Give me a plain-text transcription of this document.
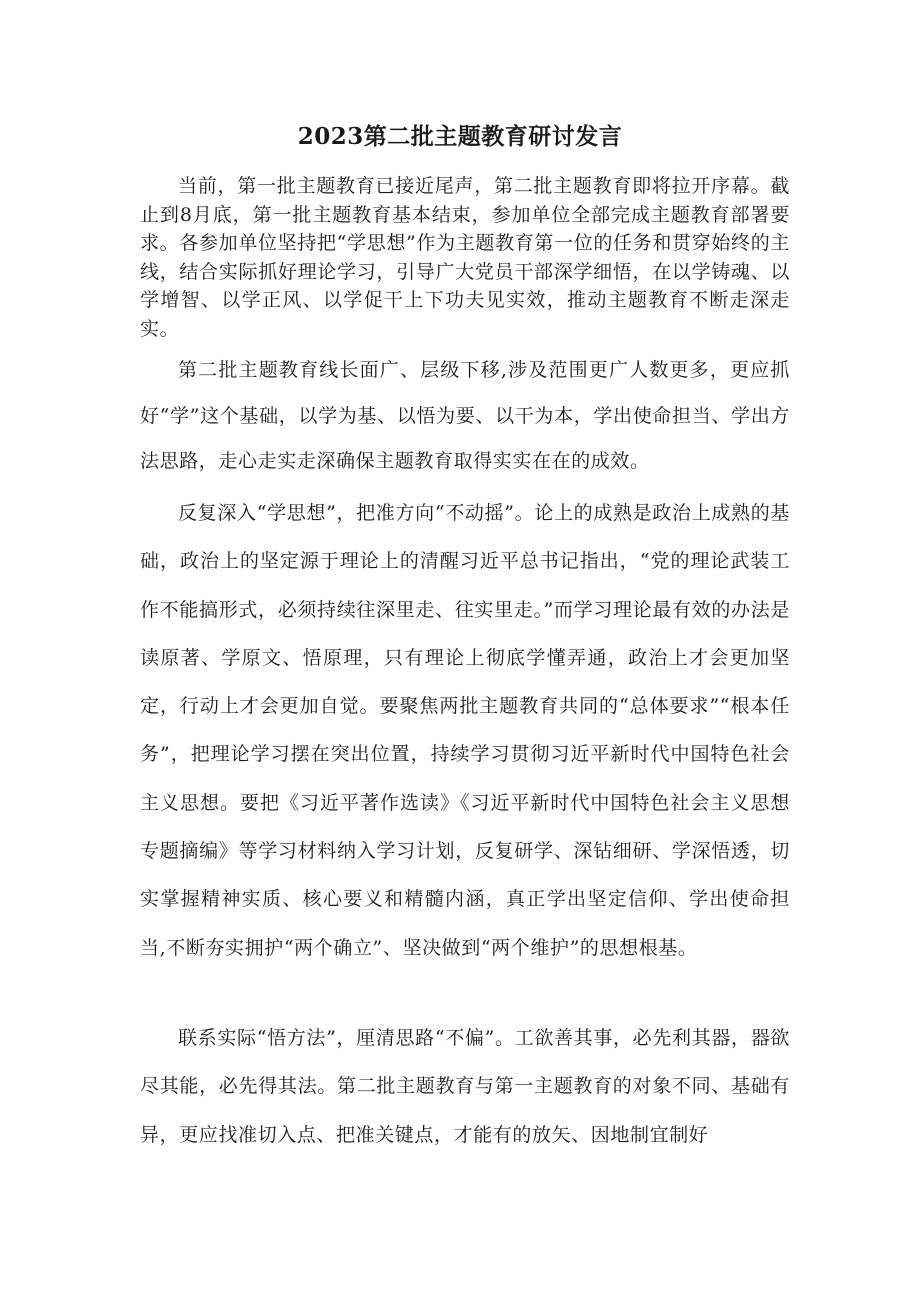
2023第二批主题教育研讨发言

当前，第一批主题教育已接近尾声，第二批主题教育即将拉开序幕。截止到8月底，第一批主题教育基本结束，参加单位全部完成主题教育部署要求。各参加单位坚持把“学思想”作为主题教育第一位的任务和贯穿始终的主线，结合实际抓好理论学习，引导广大党员干部深学细悟，在以学铸魂、以学增智、以学正风、以学促干上下功夫见实效，推动主题教育不断走深走实。

第二批主题教育线长面广、层级下移,涉及范围更广人数更多，更应抓好“学”这个基础，以学为基、以悟为要、以干为本，学出使命担当、学出方法思路，走心走实走深确保主题教育取得实实在在的成效。

反复深入“学思想”，把准方向“不动摇”。论上的成熟是政治上成熟的基础，政治上的坚定源于理论上的清醒习近平总书记指出，“党的理论武装工作不能搞形式，必须持续往深里走、往实里走。”而学习理论最有效的办法是读原著、学原文、悟原理，只有理论上彻底学懂弄通，政治上才会更加坚定，行动上才会更加自觉。要聚焦两批主题教育共同的“总体要求”“根本任务”，把理论学习摆在突出位置，持续学习贯彻习近平新时代中国特色社会主义思想。要把《习近平著作选读》《习近平新时代中国特色社会主义思想专题摘编》等学习材料纳入学习计划，反复研学、深钻细研、学深悟透，切实掌握精神实质、核心要义和精髓内涵，真正学出坚定信仰、学出使命担当,不断夯实拥护“两个确立”、坚决做到“两个维护”的思想根基。

联系实际“悟方法”，厘清思路“不偏”。工欲善其事，必先利其器，器欲尽其能，必先得其法。第二批主题教育与第一主题教育的对象不同、基础有异，更应找准切入点、把准关键点，才能有的放矢、因地制宜制好
